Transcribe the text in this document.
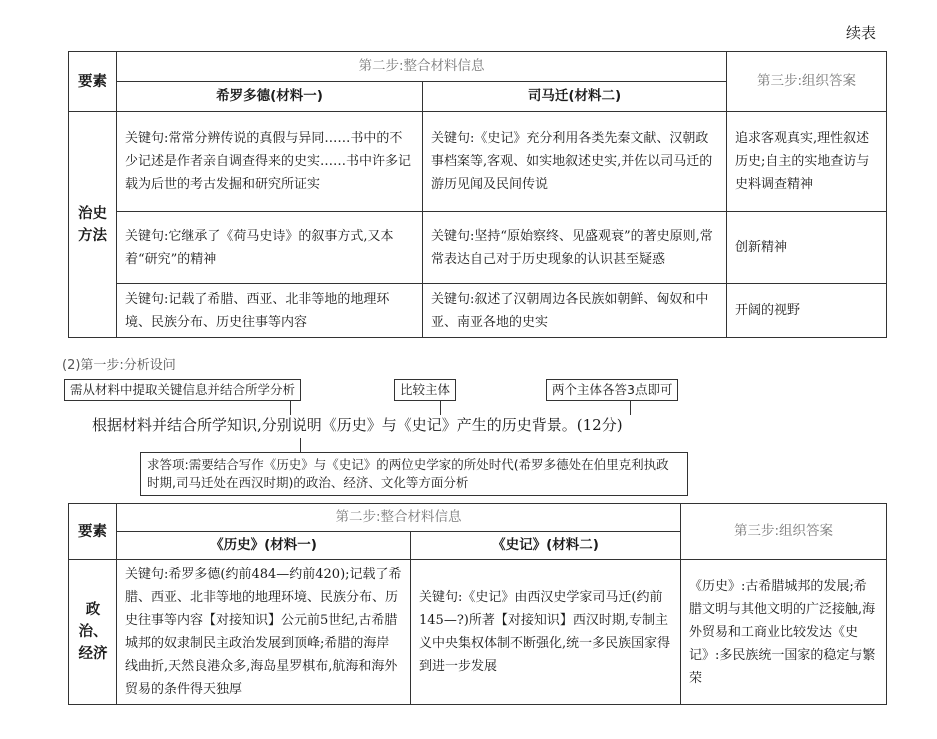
续表
要素	第二步:整合材料信息		第三步:组织答案
	希罗多德(材料一)	司马迁(材料二)	
治史方法	关键句:常常分辨传说的真假与异同……书中的不少记述是作者亲自调查得来的史实……书中许多记载为后世的考古发掘和研究所证实	关键句:《史记》充分利用各类先秦文献、汉朝政事档案等,客观、如实地叙述史实,并佐以司马迁的游历见闻及民间传说	追求客观真实,理性叙述历史;自主的实地查访与史料调查精神
	关键句:它继承了《荷马史诗》的叙事方式,又本着“研究”的精神	关键句:坚持“原始察终、见盛观衰”的著史原则,常常表达自己对于历史现象的认识甚至疑惑	创新精神
	关键句:记载了希腊、西亚、北非等地的地理环境、民族分布、历史往事等内容	关键句:叙述了汉朝周边各民族如朝鲜、匈奴和中亚、南亚各地的史实	开阔的视野
(2)第一步:分析设问
需从材料中提取关键信息并结合所学分析	比较主体	两个主体各答3点即可
根据材料并结合所学知识,分别说明《历史》与《史记》产生的历史背景。(12分)
求答项:需要结合写作《历史》与《史记》的两位史学家的所处时代(希罗多德处在伯里克利执政时期,司马迁处在西汉时期)的政治、经济、文化等方面分析
要素	第二步:整合材料信息		第三步:组织答案
	《历史》(材料一)	《史记》(材料二)	
政治、经济	关键句:希罗多德(约前484—约前420);记载了希腊、西亚、北非等地的地理环境、民族分布、历史往事等内容【对接知识】公元前5世纪,古希腊城邦的奴隶制民主政治发展到顶峰;希腊的海岸线曲折,天然良港众多,海岛星罗棋布,航海和海外贸易的条件得天独厚	关键句:《史记》由西汉史学家司马迁(约前145—?)所著【对接知识】西汉时期,专制主义中央集权体制不断强化,统一多民族国家得到进一步发展	《历史》:古希腊城邦的发展;希腊文明与其他文明的广泛接触,海外贸易和工商业比较发达《史记》:多民族统一国家的稳定与繁荣
